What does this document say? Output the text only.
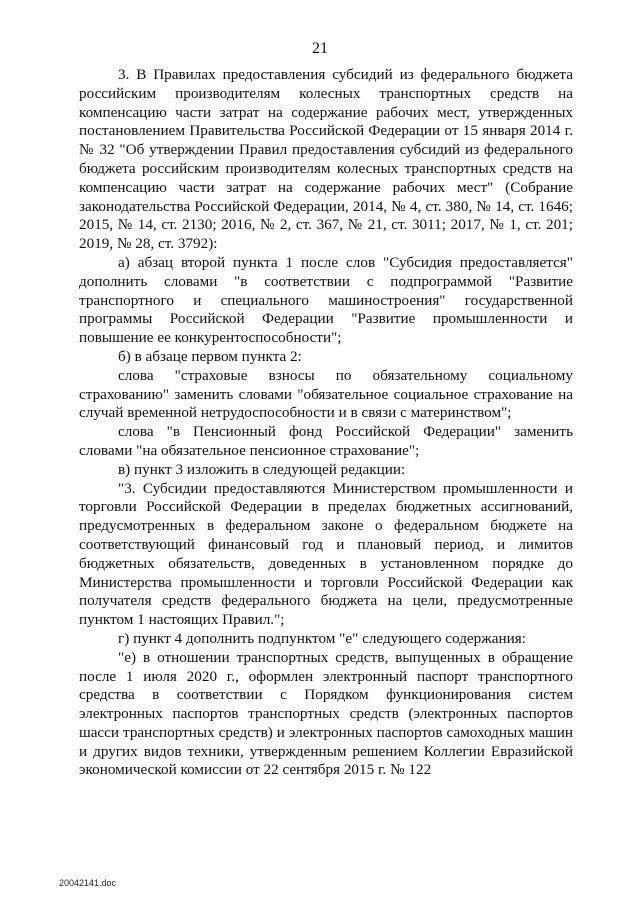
21

3. В Правилах предоставления субсидий из федерального бюджета российским производителям колесных транспортных средств на компенсацию части затрат на содержание рабочих мест, утвержденных постановлением Правительства Российской Федерации от 15 января 2014 г. № 32 "Об утверждении Правил предоставления субсидий из федерального бюджета российским производителям колесных транспортных средств на компенсацию части затрат на содержание рабочих мест" (Собрание законодательства Российской Федерации, 2014, № 4, ст. 380, № 14, ст. 1646; 2015, № 14, ст. 2130; 2016, № 2, ст. 367, № 21, ст. 3011; 2017, № 1, ст. 201; 2019, № 28, ст. 3792):

а) абзац второй пункта 1 после слов "Субсидия предоставляется" дополнить словами "в соответствии с подпрограммой "Развитие транспортного и специального машиностроения" государственной программы Российской Федерации "Развитие промышленности и повышение ее конкурентоспособности";

б) в абзаце первом пункта 2:

слова "страховые взносы по обязательному социальному страхованию" заменить словами "обязательное социальное страхование на случай временной нетрудоспособности и в связи с материнством";

слова "в Пенсионный фонд Российской Федерации" заменить словами "на обязательное пенсионное страхование";

в) пункт 3 изложить в следующей редакции:

"3. Субсидии предоставляются Министерством промышленности и торговли Российской Федерации в пределах бюджетных ассигнований, предусмотренных в федеральном законе о федеральном бюджете на соответствующий финансовый год и плановый период, и лимитов бюджетных обязательств, доведенных в установленном порядке до Министерства промышленности и торговли Российской Федерации как получателя средств федерального бюджета на цели, предусмотренные пунктом 1 настоящих Правил.";

г) пункт 4 дополнить подпунктом "е" следующего содержания:

"е) в отношении транспортных средств, выпущенных в обращение после 1 июля 2020 г., оформлен электронный паспорт транспортного средства в соответствии с Порядком функционирования систем электронных паспортов транспортных средств (электронных паспортов шасси транспортных средств) и электронных паспортов самоходных машин и других видов техники, утвержденным решением Коллегии Евразийской экономической комиссии от 22 сентября 2015 г. № 122

20042141.doc
